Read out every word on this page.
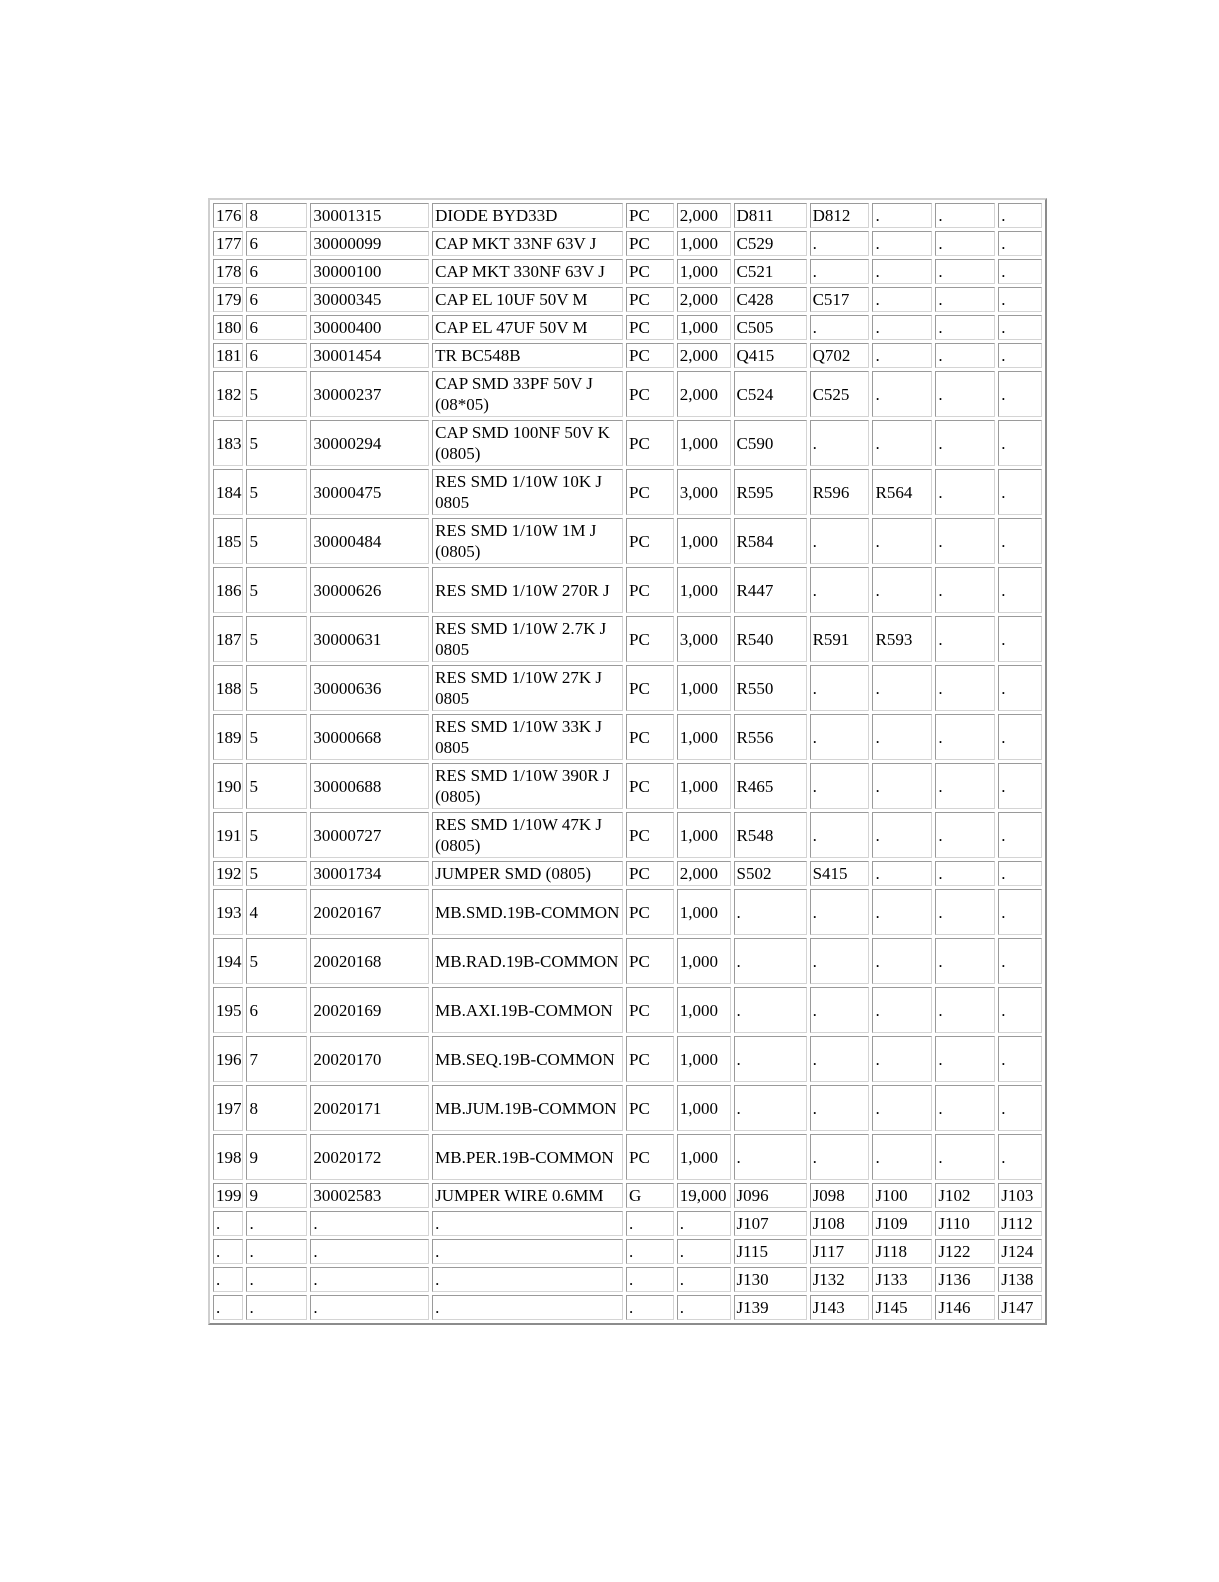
176	8	30001315	DIODE BYD33D	PC	2,000	D811	D812	.	.	.
177	6	30000099	CAP MKT 33NF 63V J	PC	1,000	C529	.	.	.	.
178	6	30000100	CAP MKT 330NF 63V J	PC	1,000	C521	.	.	.	.
179	6	30000345	CAP EL 10UF 50V M	PC	2,000	C428	C517	.	.	.
180	6	30000400	CAP EL 47UF 50V M	PC	1,000	C505	.	.	.	.
181	6	30001454	TR BC548B	PC	2,000	Q415	Q702	.	.	.
182	5	30000237	CAP SMD 33PF 50V J (08*05)	PC	2,000	C524	C525	.	.	.
183	5	30000294	CAP SMD 100NF 50V K (0805)	PC	1,000	C590	.	.	.	.
184	5	30000475	RES SMD 1/10W 10K J 0805	PC	3,000	R595	R596	R564	.	.
185	5	30000484	RES SMD 1/10W 1M J (0805)	PC	1,000	R584	.	.	.	.
186	5	30000626	RES SMD 1/10W 270R J	PC	1,000	R447	.	.	.	.
187	5	30000631	RES SMD 1/10W 2.7K J 0805	PC	3,000	R540	R591	R593	.	.
188	5	30000636	RES SMD 1/10W 27K J 0805	PC	1,000	R550	.	.	.	.
189	5	30000668	RES SMD 1/10W 33K J 0805	PC	1,000	R556	.	.	.	.
190	5	30000688	RES SMD 1/10W 390R J (0805)	PC	1,000	R465	.	.	.	.
191	5	30000727	RES SMD 1/10W 47K J (0805)	PC	1,000	R548	.	.	.	.
192	5	30001734	JUMPER SMD (0805)	PC	2,000	S502	S415	.	.	.
193	4	20020167	MB.SMD.19B-COMMON	PC	1,000	.	.	.	.	.
194	5	20020168	MB.RAD.19B-COMMON	PC	1,000	.	.	.	.	.
195	6	20020169	MB.AXI.19B-COMMON	PC	1,000	.	.	.	.	.
196	7	20020170	MB.SEQ.19B-COMMON	PC	1,000	.	.	.	.	.
197	8	20020171	MB.JUM.19B-COMMON	PC	1,000	.	.	.	.	.
198	9	20020172	MB.PER.19B-COMMON	PC	1,000	.	.	.	.	.
199	9	30002583	JUMPER WIRE 0.6MM	G	19,000	J096	J098	J100	J102	J103
.	.	.	.	.	.	J107	J108	J109	J110	J112
.	.	.	.	.	.	J115	J117	J118	J122	J124
.	.	.	.	.	.	J130	J132	J133	J136	J138
.	.	.	.	.	.	J139	J143	J145	J146	J147
